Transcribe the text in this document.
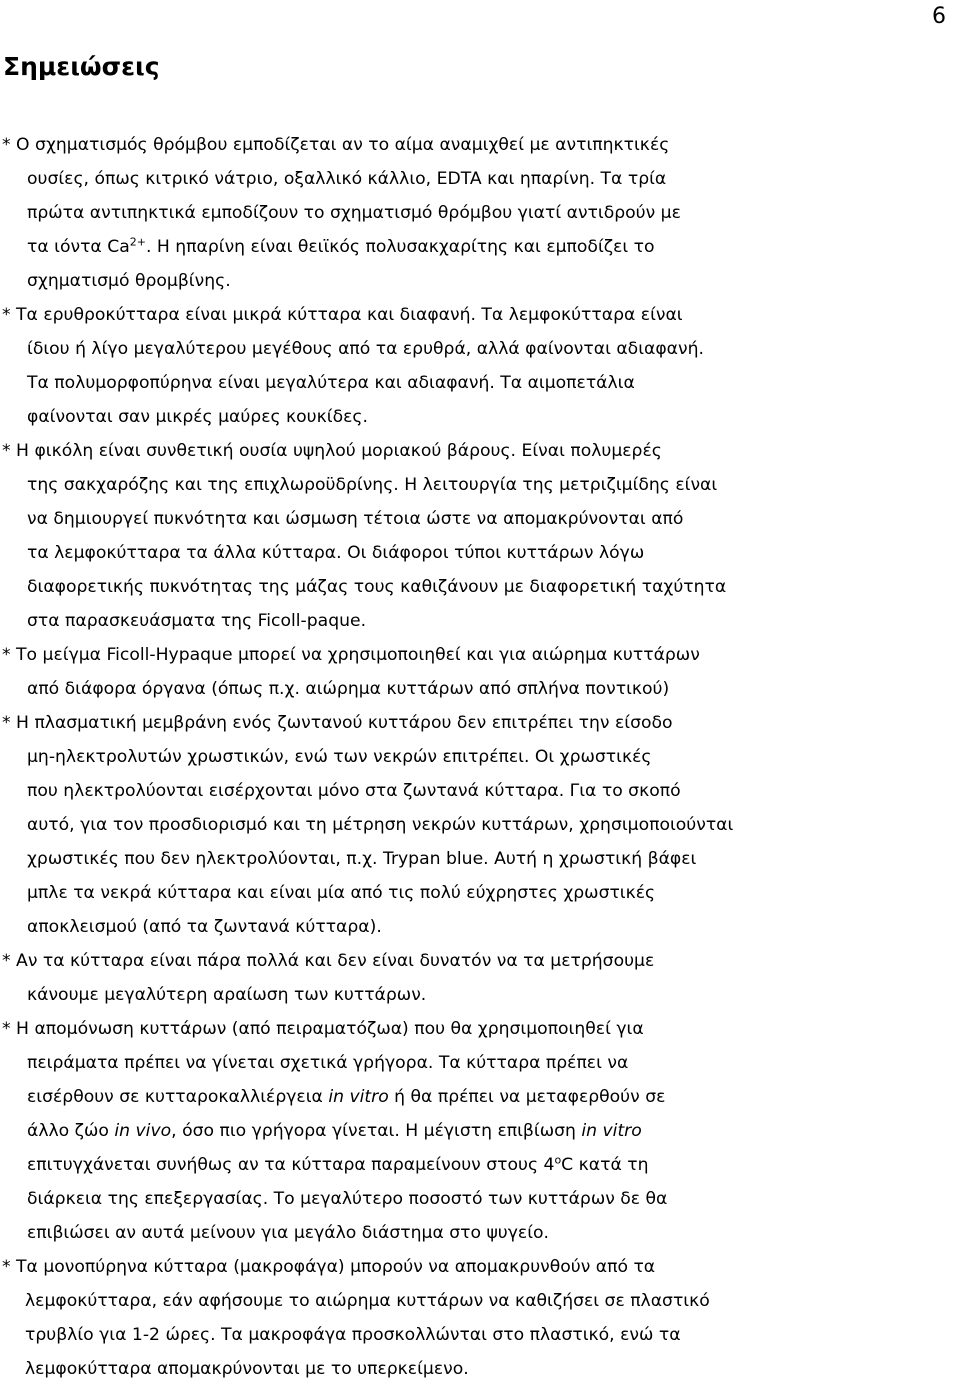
6
Σημειώσεις
* Ο σχηματισμός θρόμβου εμποδίζεται αν το αίμα αναμιχθεί με αντιπηκτικές
ουσίες, όπως κιτρικό νάτριο, οξαλλικό κάλλιο, EDTA και ηπαρίνη. Τα τρία
πρώτα αντιπηκτικά εμποδίζουν το σχηματισμό θρόμβου γιατί αντιδρούν με
τα ιόντα $Ca^{2+}$. Η ηπαρίνη είναι θειϊκός πολυσακχαρίτης και εμποδίζει το
σχηματισμό θρομβίνης.
* Τα ερυθροκύτταρα είναι μικρά κύτταρα και διαφανή. Τα λεμφοκύτταρα είναι
ίδιου ή λίγο μεγαλύτερου μεγέθους από τα ερυθρά, αλλά φαίνονται αδιαφανή.
Τα πολυμορφοπύρηνα είναι μεγαλύτερα και αδιαφανή. Τα αιμοπετάλια
φαίνονται σαν μικρές μαύρες κουκίδες.
* Η φικόλη είναι συνθετική ουσία υψηλού μοριακού βάρους. Είναι πολυμερές
της σακχαρόζης και της επιχλωροϋδρίνης. Η λειτουργία της μετριζιμίδης είναι
να δημιουργεί πυκνότητα και ώσμωση τέτοια ώστε να απομακρύνονται από
τα λεμφοκύτταρα τα άλλα κύτταρα. Οι διάφοροι τύποι κυττάρων λόγω
διαφορετικής πυκνότητας της μάζας τους καθιζάνουν με διαφορετική ταχύτητα
στα παρασκευάσματα της Ficoll-paque.
* Το μείγμα Ficoll-Hypaque μπορεί να χρησιμοποιηθεί και για αιώρημα κυττάρων
από διάφορα όργανα (όπως π.χ. αιώρημα κυττάρων από σπλήνα ποντικού)
* Η πλασματική μεμβράνη ενός ζωντανού κυττάρου δεν επιτρέπει την είσοδο
μη-ηλεκτρολυτών χρωστικών, ενώ των νεκρών επιτρέπει. Οι χρωστικές
που ηλεκτρολύονται εισέρχονται μόνο στα ζωντανά κύτταρα. Για το σκοπό
αυτό, για τον προσδιορισμό και τη μέτρηση νεκρών κυττάρων, χρησιμοποιούνται
χρωστικές που δεν ηλεκτρολύονται, π.χ. Trypan blue. Αυτή η χρωστική βάφει
μπλε τα νεκρά κύτταρα και είναι μία από τις πολύ εύχρηστες χρωστικές
αποκλεισμού (από τα ζωντανά κύτταρα).
* Αν τα κύτταρα είναι πάρα πολλά και δεν είναι δυνατόν να τα μετρήσουμε
κάνουμε μεγαλύτερη αραίωση των κυττάρων.
* Η απομόνωση κυττάρων (από πειραματόζωα) που θα χρησιμοποιηθεί για
πειράματα πρέπει να γίνεται σχετικά γρήγορα. Τα κύτταρα πρέπει να
εισέρθουν σε κυτταροκαλλιέργεια in vitro ή θα πρέπει να μεταφερθούν σε
άλλο ζώο in vivo, όσο πιο γρήγορα γίνεται. Η μέγιστη επιβίωση in vitro
επιτυγχάνεται συνήθως αν τα κύτταρα παραμείνουν στους 4$^o$C κατά τη
διάρκεια της επεξεργασίας. Το μεγαλύτερο ποσοστό των κυττάρων δε θα
επιβιώσει αν αυτά μείνουν για μεγάλο διάστημα στο ψυγείο.
* Τα μονοπύρηνα κύτταρα (μακροφάγα) μπορούν να απομακρυνθούν από τα
λεμφοκύτταρα, εάν αφήσουμε το αιώρημα κυττάρων να καθιζήσει σε πλαστικό
τρυβλίο για 1-2 ώρες. Τα μακροφάγα προσκολλώνται στο πλαστικό, ενώ τα
λεμφοκύτταρα απομακρύνονται με το υπερκείμενο.
